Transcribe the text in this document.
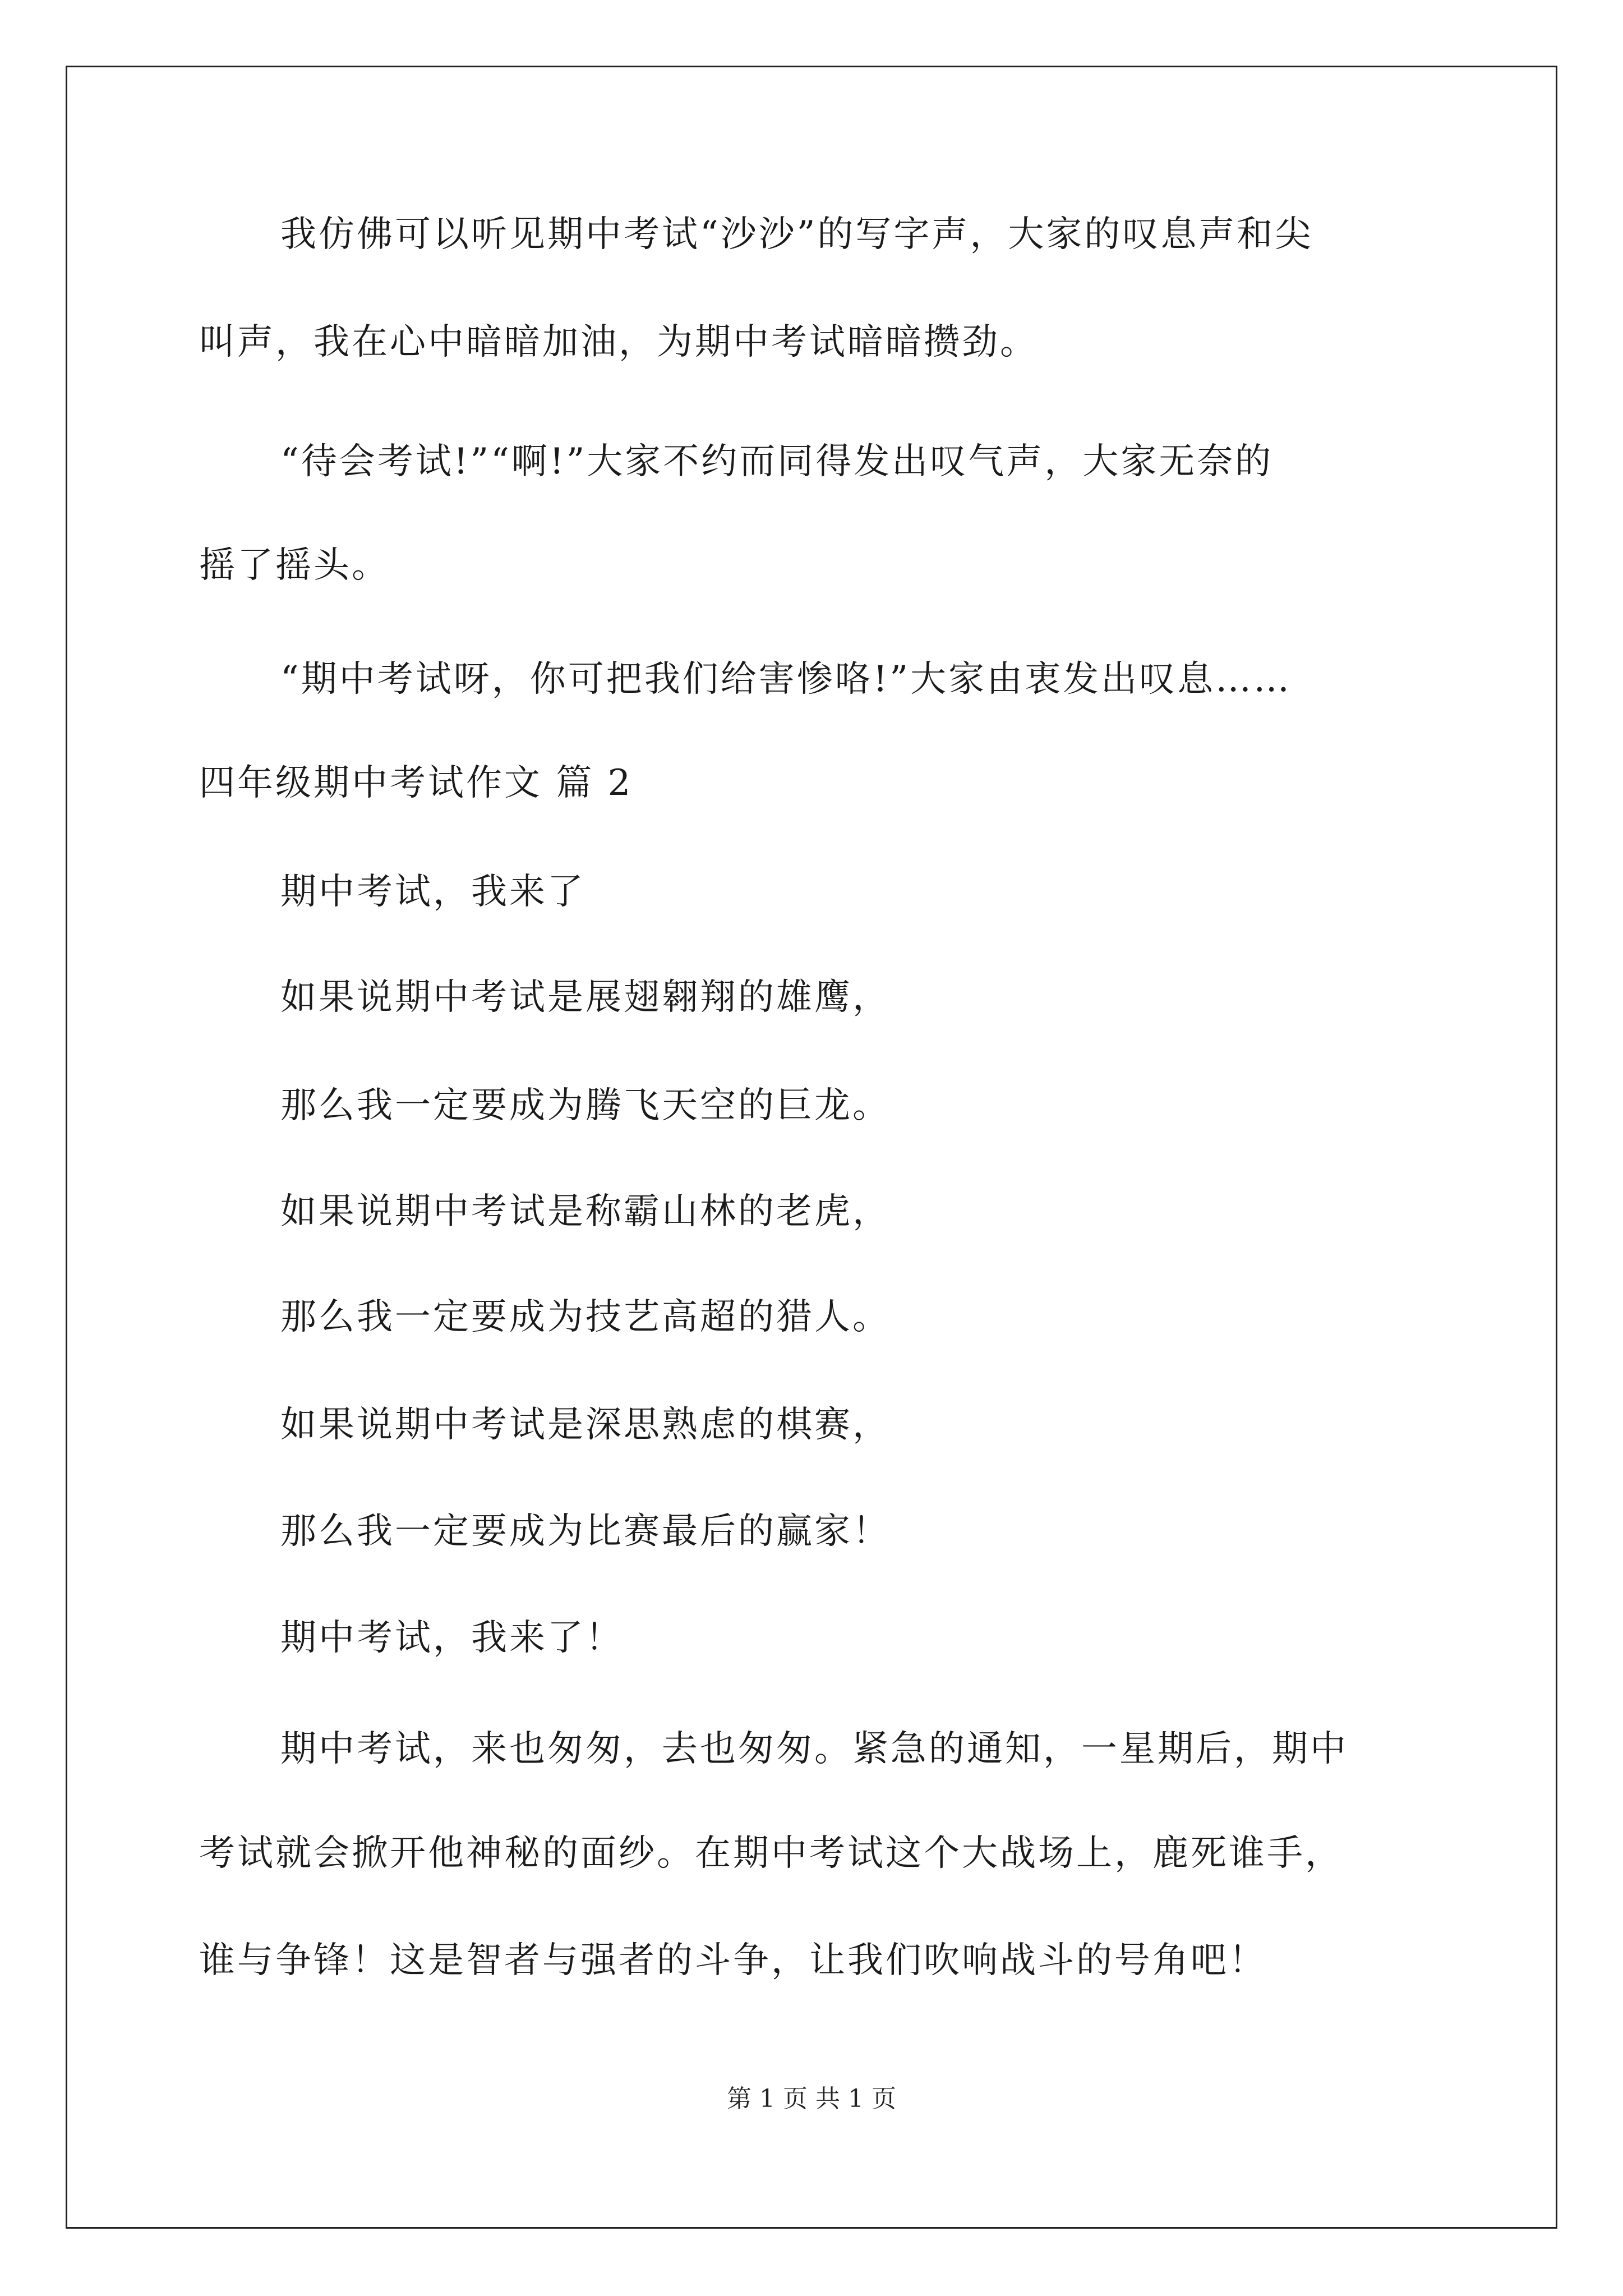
我仿佛可以听见期中考试“沙沙”的写字声，大家的叹息声和尖
叫声，我在心中暗暗加油，为期中考试暗暗攒劲。
“待会考试!”“啊!”大家不约而同得发出叹气声，大家无奈的
摇了摇头。
“期中考试呀，你可把我们给害惨咯!”大家由衷发出叹息……
四年级期中考试作文 篇 2
期中考试，我来了
如果说期中考试是展翅翱翔的雄鹰，
那么我一定要成为腾飞天空的巨龙。
如果说期中考试是称霸山林的老虎，
那么我一定要成为技艺高超的猎人。
如果说期中考试是深思熟虑的棋赛，
那么我一定要成为比赛最后的赢家！
期中考试，我来了！
期中考试，来也匆匆，去也匆匆。紧急的通知，一星期后，期中
考试就会掀开他神秘的面纱。在期中考试这个大战场上，鹿死谁手，
谁与争锋！这是智者与强者的斗争，让我们吹响战斗的号角吧！
第 1 页 共 1 页
